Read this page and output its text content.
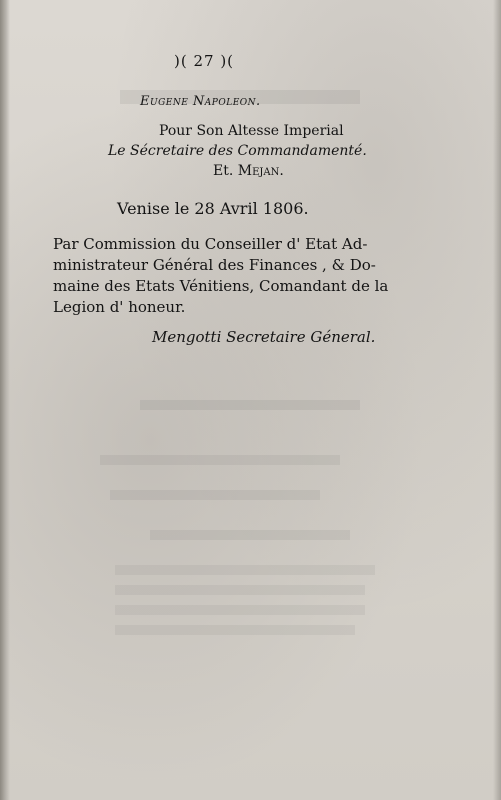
)( 27 )(
Eugene Napoleon.
Pour Son Altesse Imperial
Le Sécretaire des Commandamenté.
Et. Mejan.
Venise le 28 Avril 1806.
Par Commission du Conseiller d' Etat Ad-
ministrateur Général des Finances , & Do-
maine des Etats Vénitiens, Comandant de la
Legion d' honeur.
Mengotti Secretaire Géneral.
